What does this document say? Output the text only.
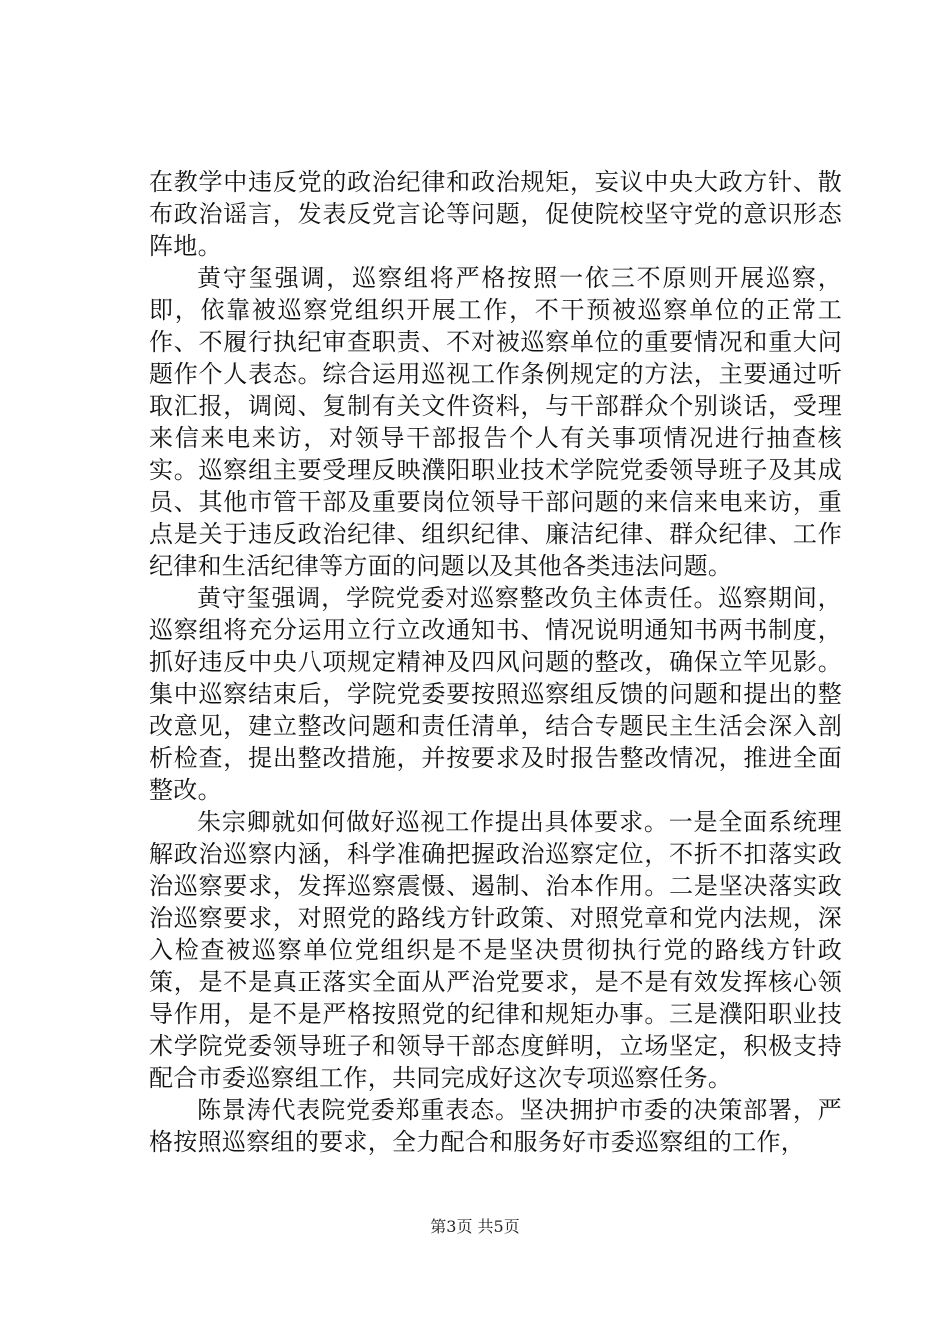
在教学中违反党的政治纪律和政治规矩，妄议中央大政方针、散布政治谣言，发表反党言论等问题，促使院校坚守党的意识形态阵地。

黄守玺强调，巡察组将严格按照一依三不原则开展巡察，即，依靠被巡察党组织开展工作，不干预被巡察单位的正常工作、不履行执纪审查职责、不对被巡察单位的重要情况和重大问题作个人表态。综合运用巡视工作条例规定的方法，主要通过听取汇报，调阅、复制有关文件资料，与干部群众个别谈话，受理来信来电来访，对领导干部报告个人有关事项情况进行抽查核实。巡察组主要受理反映濮阳职业技术学院党委领导班子及其成员、其他市管干部及重要岗位领导干部问题的来信来电来访，重点是关于违反政治纪律、组织纪律、廉洁纪律、群众纪律、工作纪律和生活纪律等方面的问题以及其他各类违法问题。

黄守玺强调，学院党委对巡察整改负主体责任。巡察期间，巡察组将充分运用立行立改通知书、情况说明通知书两书制度，抓好违反中央八项规定精神及四风问题的整改，确保立竿见影。集中巡察结束后，学院党委要按照巡察组反馈的问题和提出的整改意见，建立整改问题和责任清单，结合专题民主生活会深入剖析检查，提出整改措施，并按要求及时报告整改情况，推进全面整改。

朱宗卿就如何做好巡视工作提出具体要求。一是全面系统理解政治巡察内涵，科学准确把握政治巡察定位，不折不扣落实政治巡察要求，发挥巡察震慑、遏制、治本作用。二是坚决落实政治巡察要求，对照党的路线方针政策、对照党章和党内法规，深入检查被巡察单位党组织是不是坚决贯彻执行党的路线方针政策，是不是真正落实全面从严治党要求，是不是有效发挥核心领导作用，是不是严格按照党的纪律和规矩办事。三是濮阳职业技术学院党委领导班子和领导干部态度鲜明，立场坚定，积极支持配合市委巡察组工作，共同完成好这次专项巡察任务。

陈景涛代表院党委郑重表态。坚决拥护市委的决策部署，严格按照巡察组的要求，全力配合和服务好市委巡察组的工作，

第3页 共5页
